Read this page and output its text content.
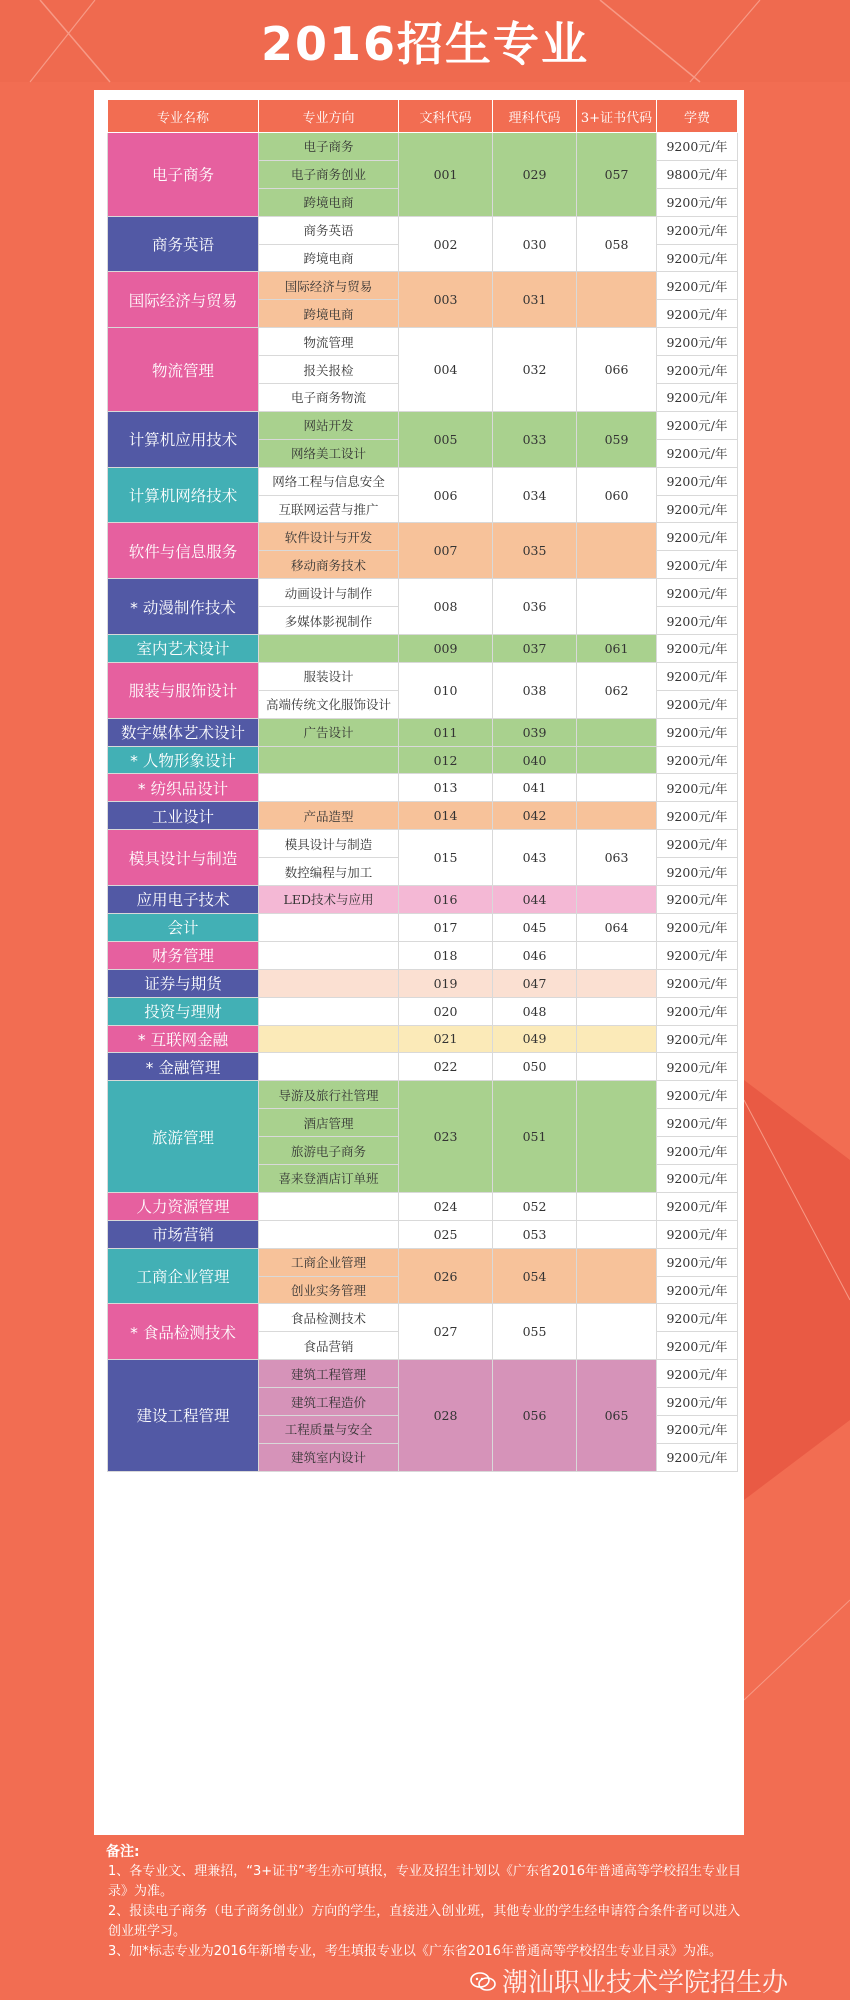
2016招生专业
专业名称	专业方向	文科代码	理科代码	3+证书代码	学费
电子商务	电子商务	001	029	057	9200元/年
	电子商务创业				9800元/年
	跨境电商				9200元/年
商务英语	商务英语	002	030	058	9200元/年
	跨境电商				9200元/年
国际经济与贸易	国际经济与贸易	003	031		9200元/年
	跨境电商				9200元/年
物流管理	物流管理	004	032	066	9200元/年
	报关报检				9200元/年
	电子商务物流				9200元/年
计算机应用技术	网站开发	005	033	059	9200元/年
	网络美工设计				9200元/年
计算机网络技术	网络工程与信息安全	006	034	060	9200元/年
	互联网运营与推广				9200元/年
软件与信息服务	软件设计与开发	007	035		9200元/年
	移动商务技术				9200元/年
* 动漫制作技术	动画设计与制作	008	036		9200元/年
	多媒体影视制作				9200元/年
室内艺术设计		009	037	061	9200元/年
服装与服饰设计	服装设计	010	038	062	9200元/年
	高端传统文化服饰设计				9200元/年
数字媒体艺术设计	广告设计	011	039		9200元/年
* 人物形象设计		012	040		9200元/年
* 纺织品设计		013	041		9200元/年
工业设计	产品造型	014	042		9200元/年
模具设计与制造	模具设计与制造	015	043	063	9200元/年
	数控编程与加工				9200元/年
应用电子技术	LED技术与应用	016	044		9200元/年
会计		017	045	064	9200元/年
财务管理		018	046		9200元/年
证券与期货		019	047		9200元/年
投资与理财		020	048		9200元/年
* 互联网金融		021	049		9200元/年
* 金融管理		022	050		9200元/年
旅游管理	导游及旅行社管理	023	051		9200元/年
	酒店管理				9200元/年
	旅游电子商务				9200元/年
	喜来登酒店订单班				9200元/年
人力资源管理		024	052		9200元/年
市场营销		025	053		9200元/年
工商企业管理	工商企业管理	026	054		9200元/年
	创业实务管理				9200元/年
* 食品检测技术	食品检测技术	027	055		9200元/年
	食品营销				9200元/年
建设工程管理	建筑工程管理	028	056	065	9200元/年
	建筑工程造价				9200元/年
	工程质量与安全				9200元/年
	建筑室内设计				9200元/年
备注:

1、各专业文、理兼招，“3+证书”考生亦可填报，专业及招生计划以《广东省2016年普通高等学校招生专业目录》为准。

2、报读电子商务（电子商务创业）方向的学生，直接进入创业班，其他专业的学生经申请符合条件者可以进入创业班学习。

3、加*标志专业为2016年新增专业，考生填报专业以《广东省2016年普通高等学校招生专业目录》为准。

潮汕职业技术学院招生办
